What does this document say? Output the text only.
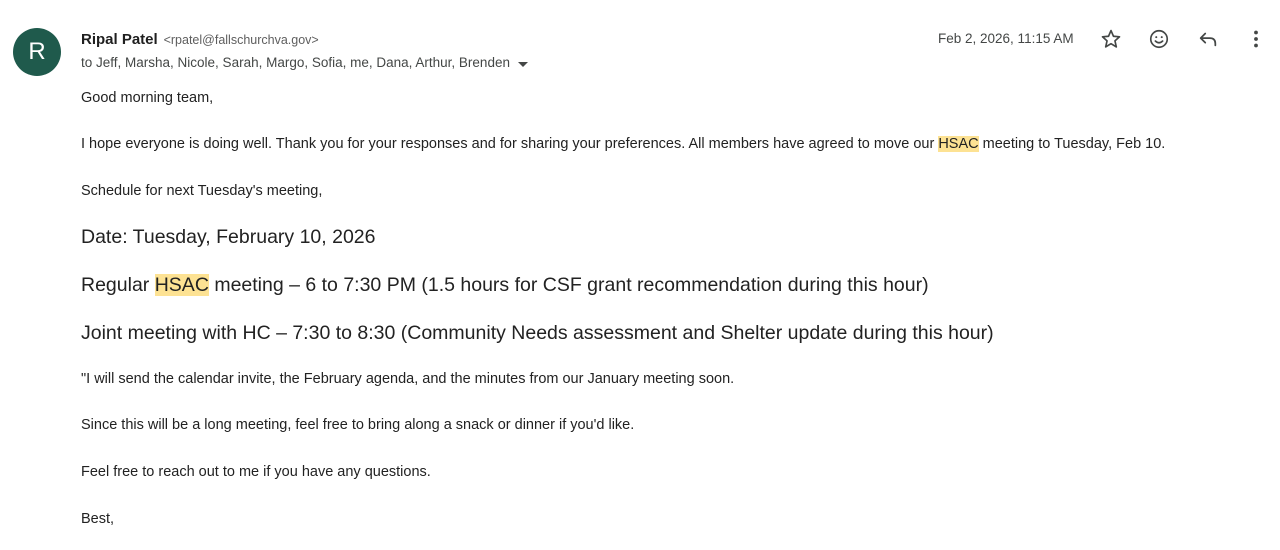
R	Ripal Patel <rpatel@fallschurchva.gov>
to Jeff, Marsha, Nicole, Sarah, Margo, Sofia, me, Dana, Arthur, Brenden
Feb 2, 2026, 11:15 AM
Good morning team,
I hope everyone is doing well. Thank you for your responses and for sharing your preferences. All members have agreed to move our HSAC meeting to Tuesday, Feb 10.
Schedule for next Tuesday's meeting,
Date: Tuesday, February 10, 2026
Regular HSAC meeting – 6 to 7:30 PM (1.5 hours for CSF grant recommendation during this hour)
Joint meeting with HC – 7:30 to 8:30 (Community Needs assessment and Shelter update during this hour)
"I will send the calendar invite, the February agenda, and the minutes from our January meeting soon.
Since this will be a long meeting, feel free to bring along a snack or dinner if you'd like.
Feel free to reach out to me if you have any questions.
Best,
